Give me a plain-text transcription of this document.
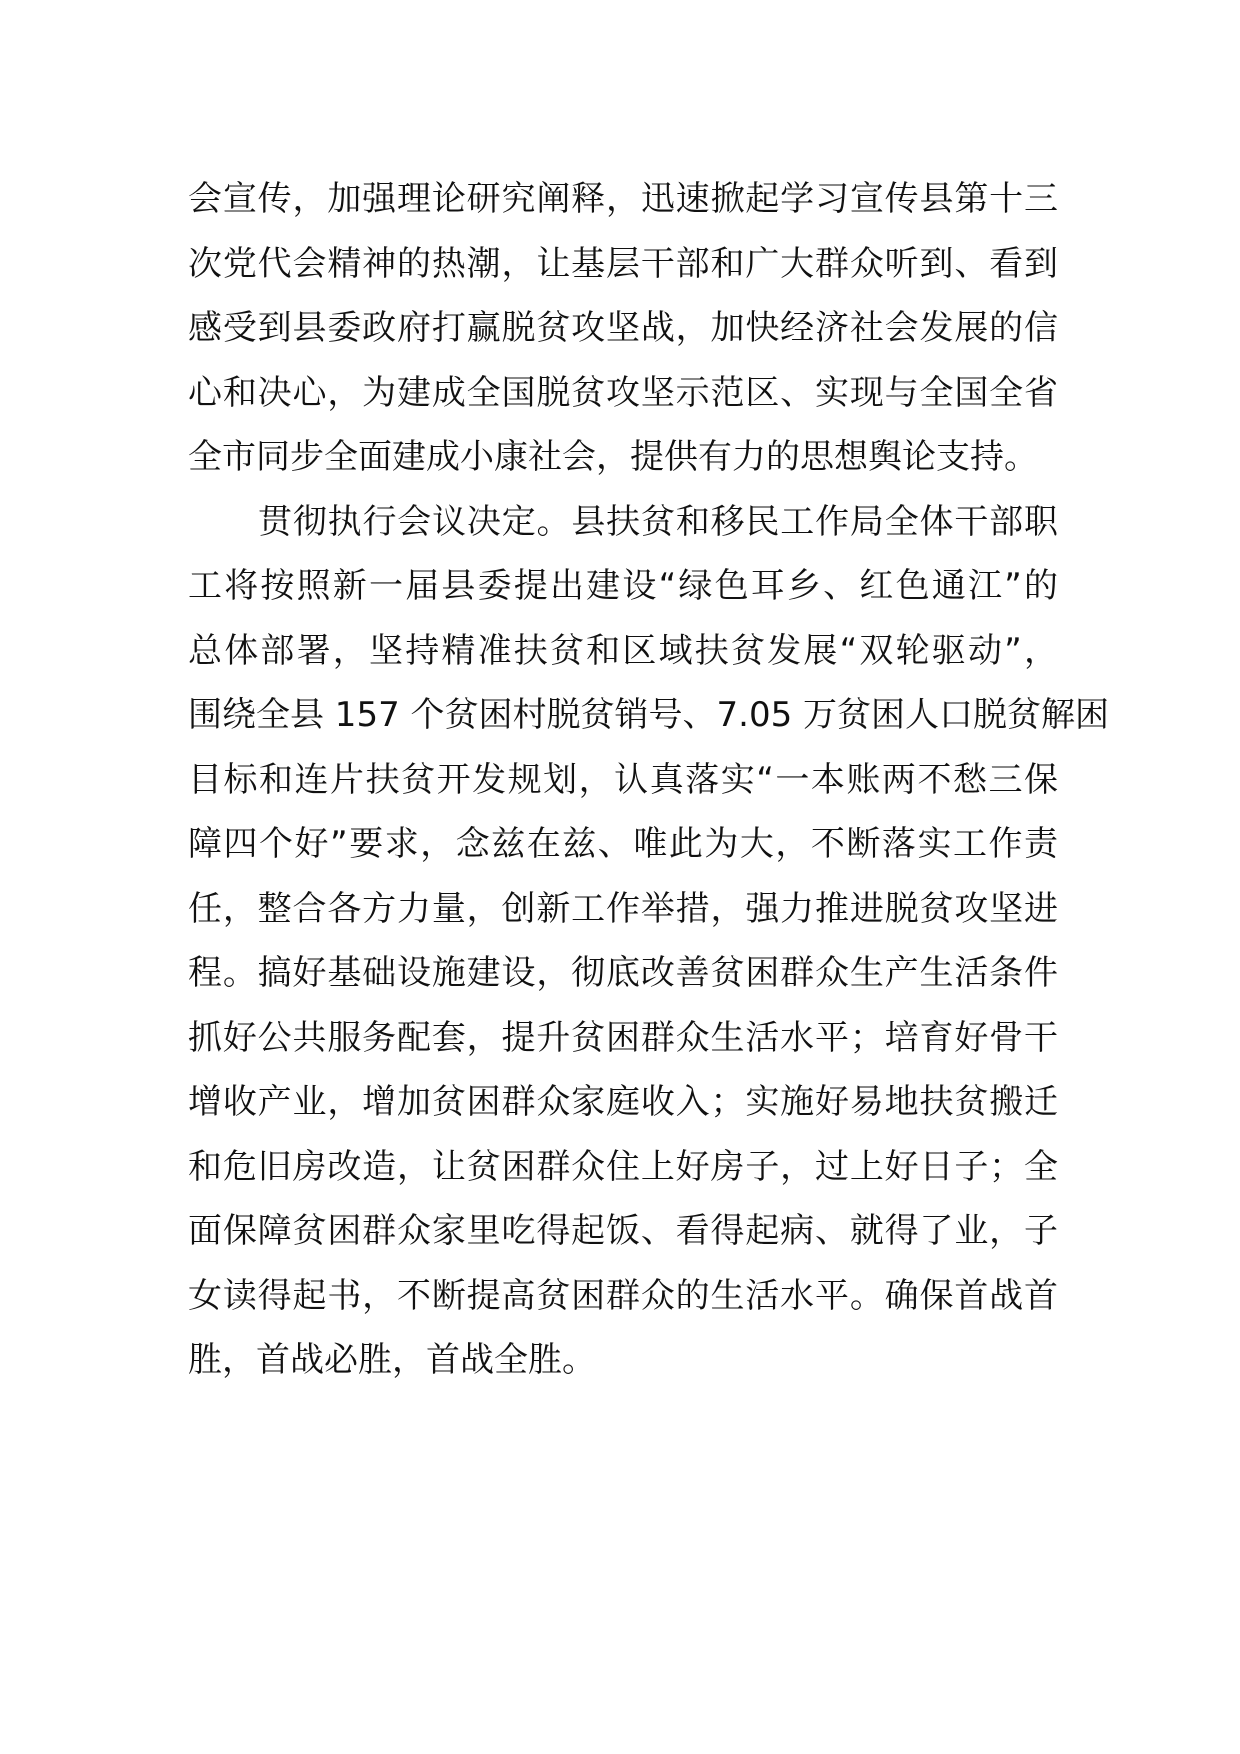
会宣传，加强理论研究阐释，迅速掀起学习宣传县第十三
次党代会精神的热潮，让基层干部和广大群众听到、看到
感受到县委政府打赢脱贫攻坚战，加快经济社会发展的信
心和决心，为建成全国脱贫攻坚示范区、实现与全国全省
全市同步全面建成小康社会，提供有力的思想舆论支持。
贯彻执行会议决定。县扶贫和移民工作局全体干部职
工将按照新一届县委提出建设“绿色耳乡、红色通江”的
总体部署，坚持精准扶贫和区域扶贫发展“双轮驱动”，
围绕全县 157 个贫困村脱贫销号、7.05 万贫困人口脱贫解困
目标和连片扶贫开发规划，认真落实“一本账两不愁三保
障四个好”要求，念兹在兹、唯此为大，不断落实工作责
任，整合各方力量，创新工作举措，强力推进脱贫攻坚进
程。搞好基础设施建设，彻底改善贫困群众生产生活条件
抓好公共服务配套，提升贫困群众生活水平；培育好骨干
增收产业，增加贫困群众家庭收入；实施好易地扶贫搬迁
和危旧房改造，让贫困群众住上好房子，过上好日子；全
面保障贫困群众家里吃得起饭、看得起病、就得了业，子
女读得起书，不断提高贫困群众的生活水平。确保首战首
胜，首战必胜，首战全胜。
